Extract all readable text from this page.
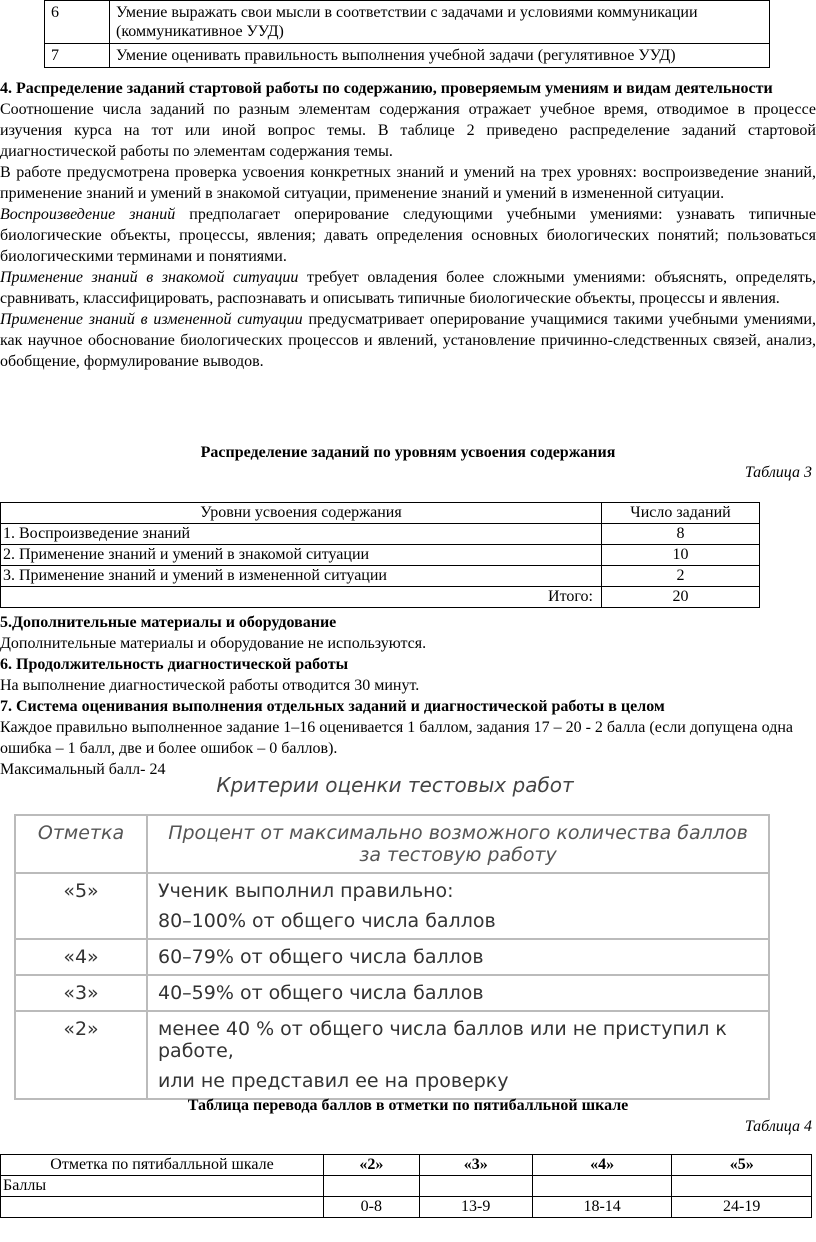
6	Умение выражать свои мысли в соответствии с задачами и условиями коммуникации (коммуникативное УУД)
7	Умение оценивать правильность выполнения учебной задачи (регулятивное УУД)

4. Распределение заданий стартовой работы по содержанию, проверяемым умениям и видам деятельности

Соотношение числа заданий по разным элементам содержания отражает учебное время, отводимое в процессе изучения курса на тот или иной вопрос темы. В таблице 2 приведено распределение заданий стартовой диагностической работы по элементам содержания темы.

В работе предусмотрена проверка усвоения конкретных знаний и умений на трех уровнях: воспроизведение знаний, применение знаний и умений в знакомой ситуации, применение знаний и умений в измененной ситуации.

Воспроизведение знаний предполагает оперирование следующими учебными умениями: узнавать типичные биологические объекты, процессы, явления; давать определения основных биологических понятий; пользоваться биологическими терминами и понятиями.

Применение знаний в знакомой ситуации требует овладения более сложными умениями: объяснять, определять, сравнивать, классифицировать, распознавать и описывать типичные биологические объекты, процессы и явления.

Применение знаний в измененной ситуации предусматривает оперирование учащимися такими учебными умениями, как научное обоснование биологических процессов и явлений, установление причинно-следственных связей, анализ, обобщение, формулирование выводов.

Распределение заданий по уровням усвоения содержания
Таблица 3
Уровни усвоения содержания	Число заданий
1. Воспроизведение знаний	8
2. Применение знаний и умений в знакомой ситуации	10
3. Применение знаний и умений в измененной ситуации	2
Итого:	20

5.Дополнительные материалы и оборудование

Дополнительные материалы и оборудование не используются.

6. Продолжительность диагностической работы

На выполнение диагностической работы отводится 30 минут.

7. Система оценивания выполнения отдельных заданий и диагностической работы в целом

Каждое правильно выполненное задание 1–16 оценивается 1 баллом, задания 17 – 20 - 2 балла (если допущена одна ошибка – 1 балл, две и более ошибок – 0 баллов).

Максимальный балл- 24

Критерии оценки тестовых работ
Отметка	Процент от максимально возможного количества баллов за тестовую работу
«5»	Ученик выполнил правильно:
80–100% от общего числа баллов

«4»	60–79% от общего числа баллов
«3»	40–59% от общего числа баллов
«2»	менее 40 % от общего числа баллов или не приступил к работе,
или не представил ее на проверку
Таблица перевода баллов в отметки по пятибалльной шкале
Таблица 4
Отметка по пятибалльной шкале	«2»	«3»	«4»	«5»
Баллы				
	0-8	13-9	18-14	24-19
